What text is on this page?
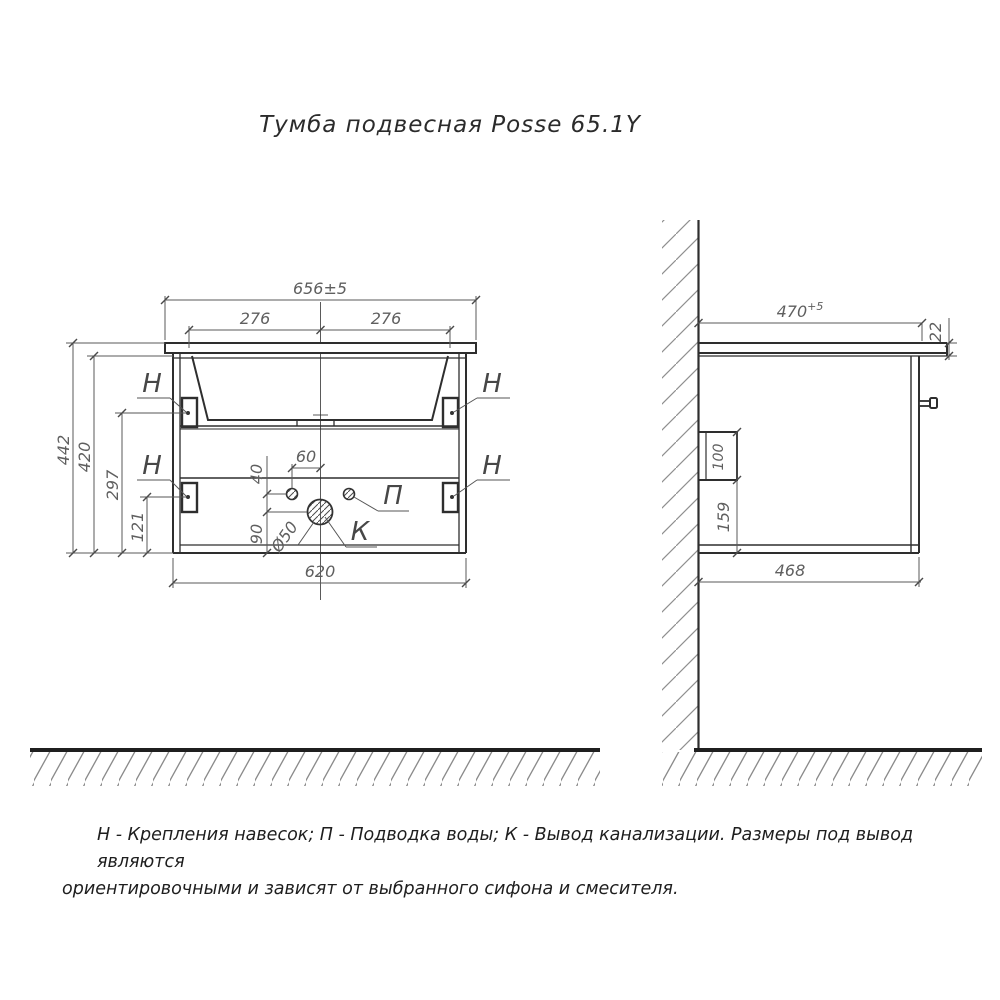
Тумба подвесная Posse 65.1Y
656±5
276	276
620
442 420
297
121
40
90
60
Ø50
Н	Н
Н	Н
П
К
100
159
$470^{+5}$
22
468
Н - Крепления навесок; П - Подводка воды; К - Вывод канализации. Размеры под вывод являются
ориентировочными и зависят от выбранного сифона и смесителя.
